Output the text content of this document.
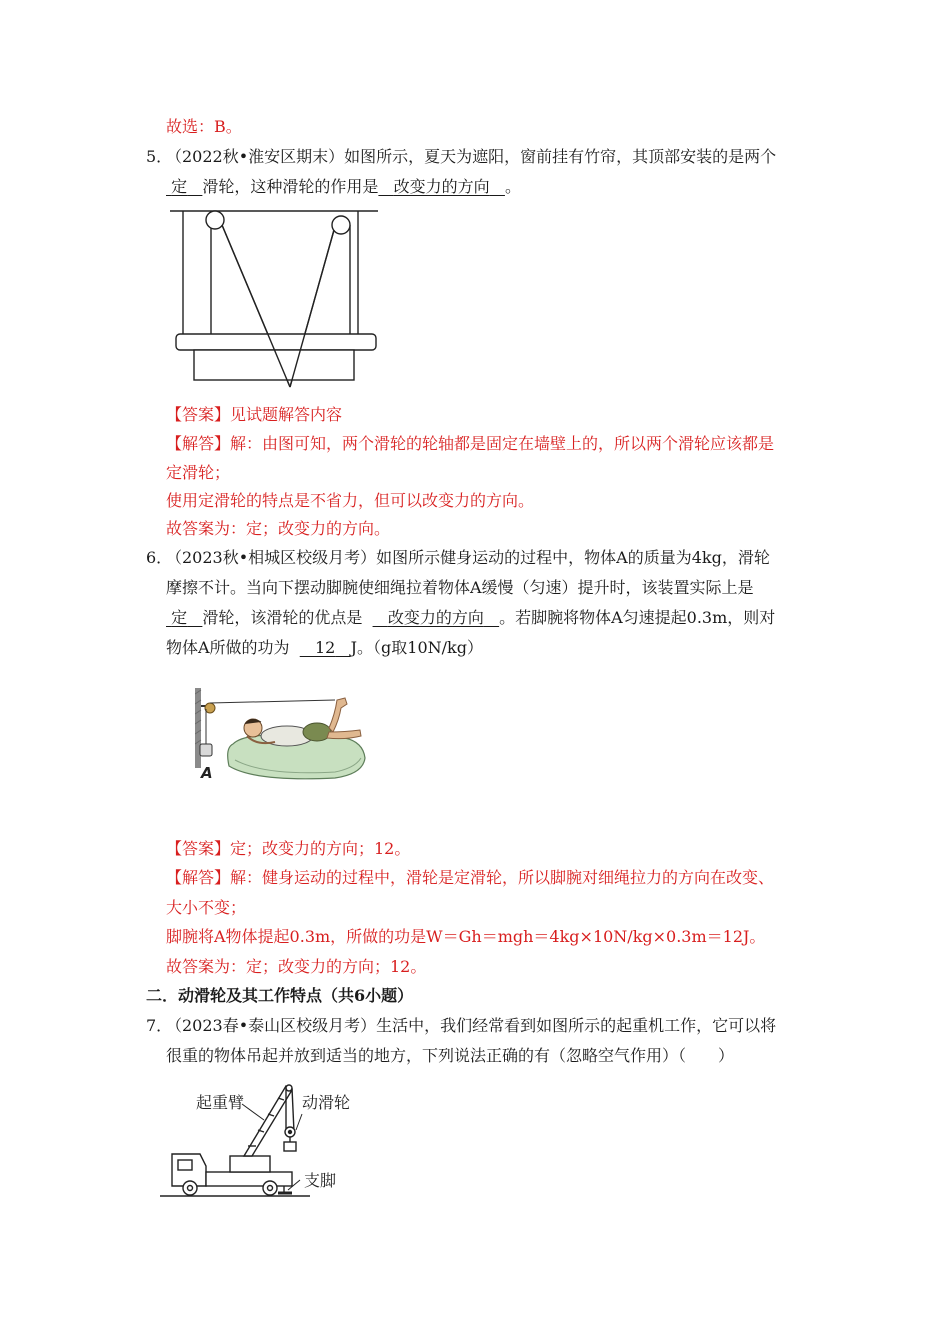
故选：B。
5．
（2022秋•淮安区期末）如图所示，夏天为遮阳，窗前挂有竹帘，其顶部安装的是两个
定 滑轮，这种滑轮的作用是 改变力的方向 。
【答案】见试题解答内容
【解答】解：由图可知，两个滑轮的轮轴都是固定在墙壁上的，所以两个滑轮应该都是
定滑轮；
使用定滑轮的特点是不省力，但可以改变力的方向。
故答案为：定；改变力的方向。
6．
（2023秋•相城区校级月考）如图所示健身运动的过程中，物体A的质量为4kg，滑轮
摩擦不计。当向下摆动脚腕使细绳拉着物体A缓慢（匀速）提升时，该装置实际上是
定 滑轮，该滑轮的优点是 改变力的方向 。若脚腕将物体A匀速提起0.3m，则对
物体A所做的功为 12 J。（g取10N/kg）
A
【答案】定；改变力的方向；12。
【解答】解：健身运动的过程中，滑轮是定滑轮，所以脚腕对细绳拉力的方向在改变、
大小不变；
脚腕将A物体提起0.3m，所做的功是W＝Gh＝mgh＝4kg×10N/kg×0.3m＝12J。
故答案为：定；改变力的方向；12。
二．动滑轮及其工作特点（共6小题）
7．
（2023春•泰山区校级月考）生活中，我们经常看到如图所示的起重机工作，它可以将
很重的物体吊起并放到适当的地方，下列说法正确的有（忽略空气作用）（　　）
起重臂	动滑轮
支脚
